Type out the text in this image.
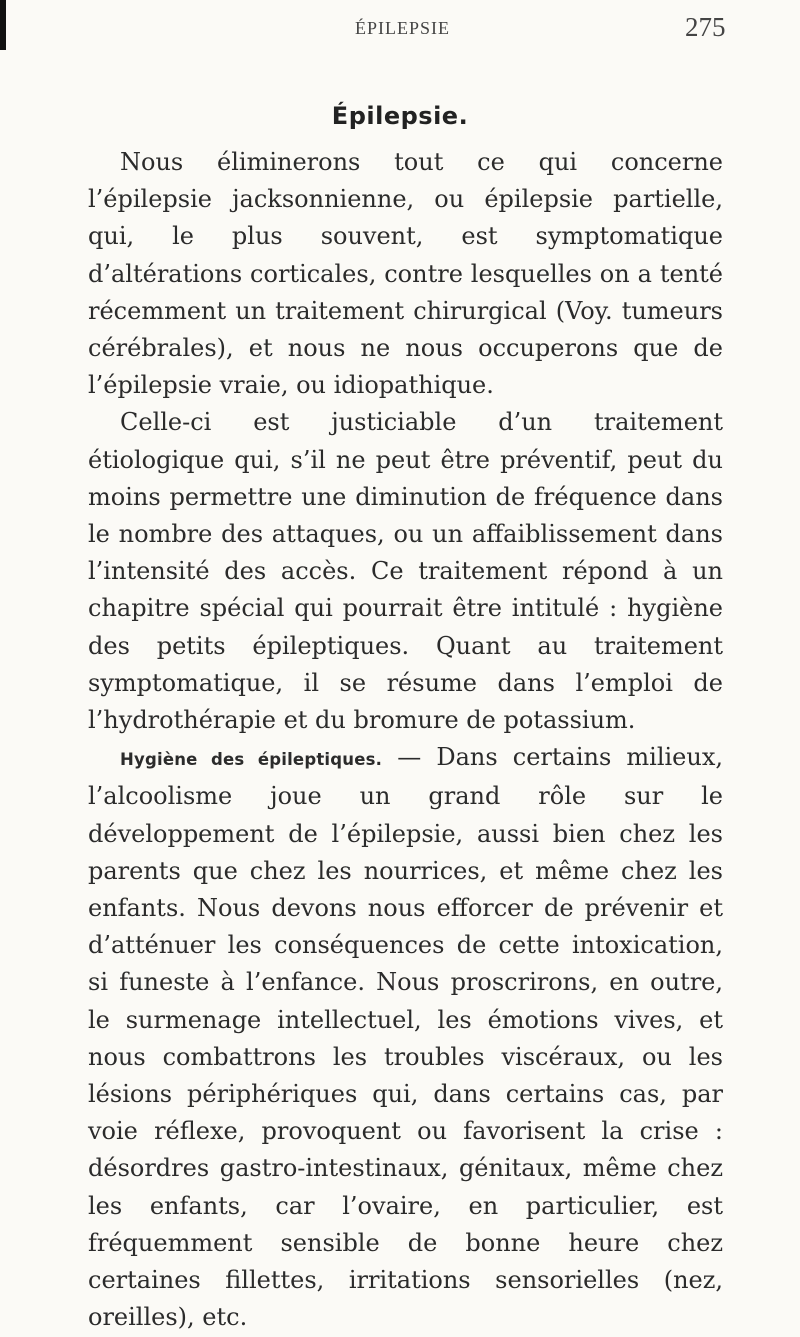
ÉPILEPSIE	275
Épilepsie.

Nous éliminerons tout ce qui concerne l’épilepsie jacksonnienne, ou épilepsie partielle, qui, le plus souvent, est symptomatique d’altérations corticales, contre lesquelles on a tenté récemment un traitement chirurgical (Voy. tumeurs cérébrales), et nous ne nous occuperons que de l’épilepsie vraie, ou idiopathique.

Celle-ci est justiciable d’un traitement étiologique qui, s’il ne peut être préventif, peut du moins permettre une diminution de fréquence dans le nombre des attaques, ou un affaiblissement dans l’intensité des accès. Ce traitement répond à un chapitre spécial qui pourrait être intitulé : hygiène des petits épileptiques. Quant au traitement symptomatique, il se résume dans l’emploi de l’hydrothérapie et du bromure de potassium.

Hygiène des épileptiques. — Dans certains milieux, l’alcoolisme joue un grand rôle sur le développement de l’épilepsie, aussi bien chez les parents que chez les nourrices, et même chez les enfants. Nous devons nous efforcer de prévenir et d’atténuer les conséquences de cette intoxication, si funeste à l’enfance. Nous proscrirons, en outre, le surmenage intellectuel, les émotions vives, et nous combattrons les troubles viscéraux, ou les lésions périphériques qui, dans certains cas, par voie réflexe, provoquent ou favorisent la crise : désordres gastro-intestinaux, génitaux, même chez les enfants, car l’ovaire, en particulier, est fréquemment sensible de bonne heure chez certaines fillettes, irritations sensorielles (nez, oreilles), etc.
